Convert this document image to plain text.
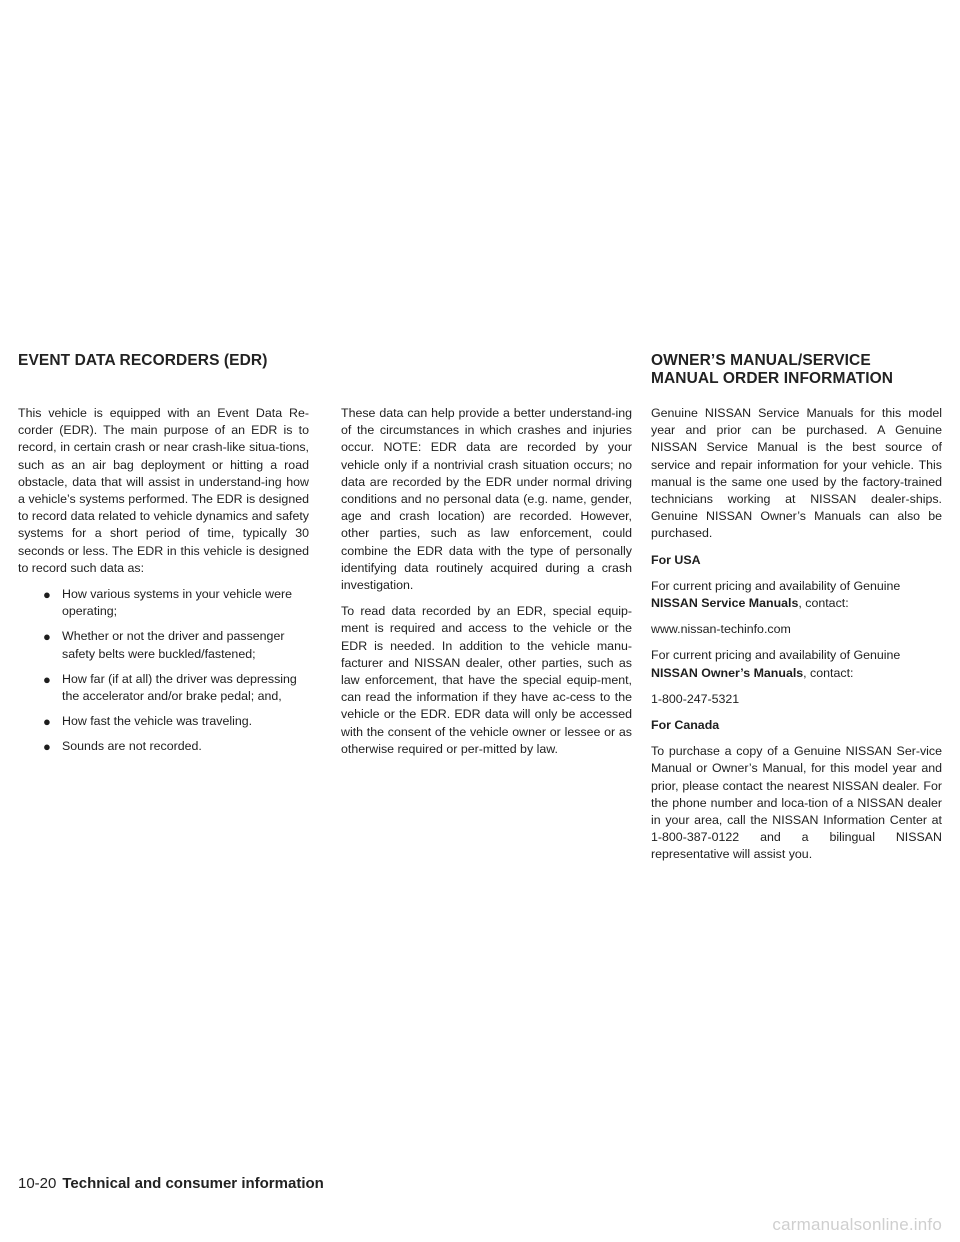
EVENT DATA RECORDERS (EDR)	OWNER’S MANUAL/SERVICE
MANUAL ORDER INFORMATION

This vehicle is equipped with an Event Data Re-corder (EDR). The main purpose of an EDR is to record, in certain crash or near crash-like situa-tions, such as an air bag deployment or hitting a road obstacle, data that will assist in understand-ing how a vehicle’s systems performed. The EDR is designed to record data related to vehicle dynamics and safety systems for a short period of time, typically 30 seconds or less. The EDR in this vehicle is designed to record such data as:

● How various systems in your vehicle were operating;
● Whether or not the driver and passenger safety belts were buckled/fastened;
● How far (if at all) the driver was depressing the accelerator and/or brake pedal; and,
● How fast the vehicle was traveling.
● Sounds are not recorded.

These data can help provide a better understand-ing of the circumstances in which crashes and injuries occur. NOTE: EDR data are recorded by your vehicle only if a nontrivial crash situation occurs; no data are recorded by the EDR under normal driving conditions and no personal data (e.g. name, gender, age and crash location) are recorded. However, other parties, such as law enforcement, could combine the EDR data with the type of personally identifying data routinely acquired during a crash investigation.

To read data recorded by an EDR, special equip-ment is required and access to the vehicle or the EDR is needed. In addition to the vehicle manu-facturer and NISSAN dealer, other parties, such as law enforcement, that have the special equip-ment, can read the information if they have ac-cess to the vehicle or the EDR. EDR data will only be accessed with the consent of the vehicle owner or lessee or as otherwise required or per-mitted by law.

Genuine NISSAN Service Manuals for this model year and prior can be purchased. A Genuine NISSAN Service Manual is the best source of service and repair information for your vehicle. This manual is the same one used by the factory-trained technicians working at NISSAN dealer-ships. Genuine NISSAN Owner’s Manuals can also be purchased.

For USA

For current pricing and availability of Genuine
NISSAN Service Manuals, contact:

www.nissan-techinfo.com

For current pricing and availability of Genuine
NISSAN Owner’s Manuals, contact:

1-800-247-5321

For Canada

To purchase a copy of a Genuine NISSAN Ser-vice Manual or Owner’s Manual, for this model year and prior, please contact the nearest NISSAN dealer. For the phone number and loca-tion of a NISSAN dealer in your area, call the NISSAN Information Center at 1-800-387-0122 and a bilingual NISSAN representative will assist you.

10-20 Technical and consumer information
carmanualsonline.info
